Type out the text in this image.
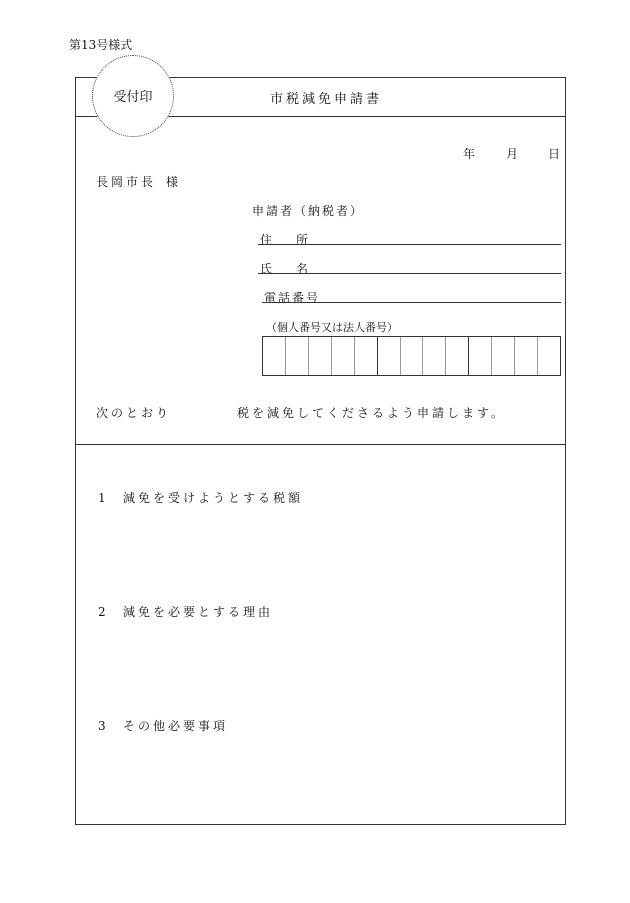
第13号様式
受付印	市税減免申請書
年	月 日
長岡市長 様
申請者（納税者）
住　　所
氏　　名
電話番号
（個人番号又は法人番号）
次のとおり	税を減免してくださるよう申請します。
1 減免を受けようとする税額
2 減免を必要とする理由
3 その他必要事項
